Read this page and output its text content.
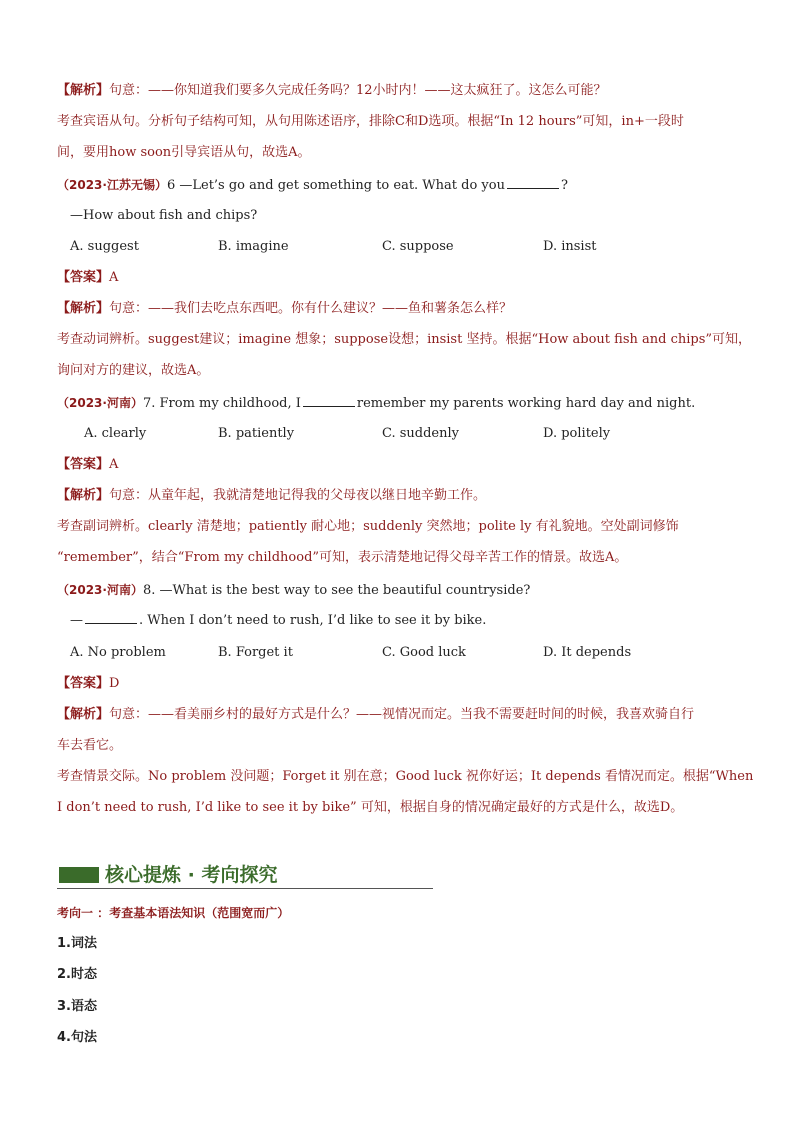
【解析】句意：——你知道我们要多久完成任务吗？12小时内！——这太疯狂了。这怎么可能？
考查宾语从句。分析句子结构可知，从句用陈述语序，排除C和D选项。根据“In 12 hours”可知，in+一段时
间，要用how soon引导宾语从句，故选A。
（2023·江苏无锡）6 —Let’s go and get something to eat. What do you	?
—How about fish and chips?
A. suggest	B. imagine	C. suppose	D. insist
【答案】A
【解析】句意：——我们去吃点东西吧。你有什么建议？——鱼和薯条怎么样？
考查动词辨析。suggest建议；imagine 想象；suppose设想；insist 坚持。根据“How about fish and chips”可知，
询问对方的建议，故选A。
（2023·河南）7. From my childhood, I	remember my parents working hard day and night.
A. clearly	B. patiently	C. suddenly	D. politely
【答案】A
【解析】句意：从童年起，我就清楚地记得我的父母夜以继日地辛勤工作。
考查副词辨析。clearly 清楚地；patiently 耐心地；suddenly 突然地；polite ly 有礼貌地。空处副词修饰
“remember”，结合“From my childhood”可知，表示清楚地记得父母辛苦工作的情景。故选A。
（2023·河南）8. —What is the best way to see the beautiful countryside?
—	. When I don’t need to rush, I’d like to see it by bike.
A. No problem	B. Forget it	C. Good luck	D. It depends
【答案】D
【解析】句意：——看美丽乡村的最好方式是什么？——视情况而定。当我不需要赶时间的时候，我喜欢骑自行
车去看它。
考查情景交际。No problem 没问题；Forget it 别在意；Good luck 祝你好运；It depends 看情况而定。根据“When
I don’t need to rush, I’d like to see it by bike” 可知，根据自身的情况确定最好的方式是什么，故选D。
核心提炼 · 考向探究
考向一 ：考查基本语法知识（范围宽而广）
1.词法
2.时态
3.语态
4.句法
